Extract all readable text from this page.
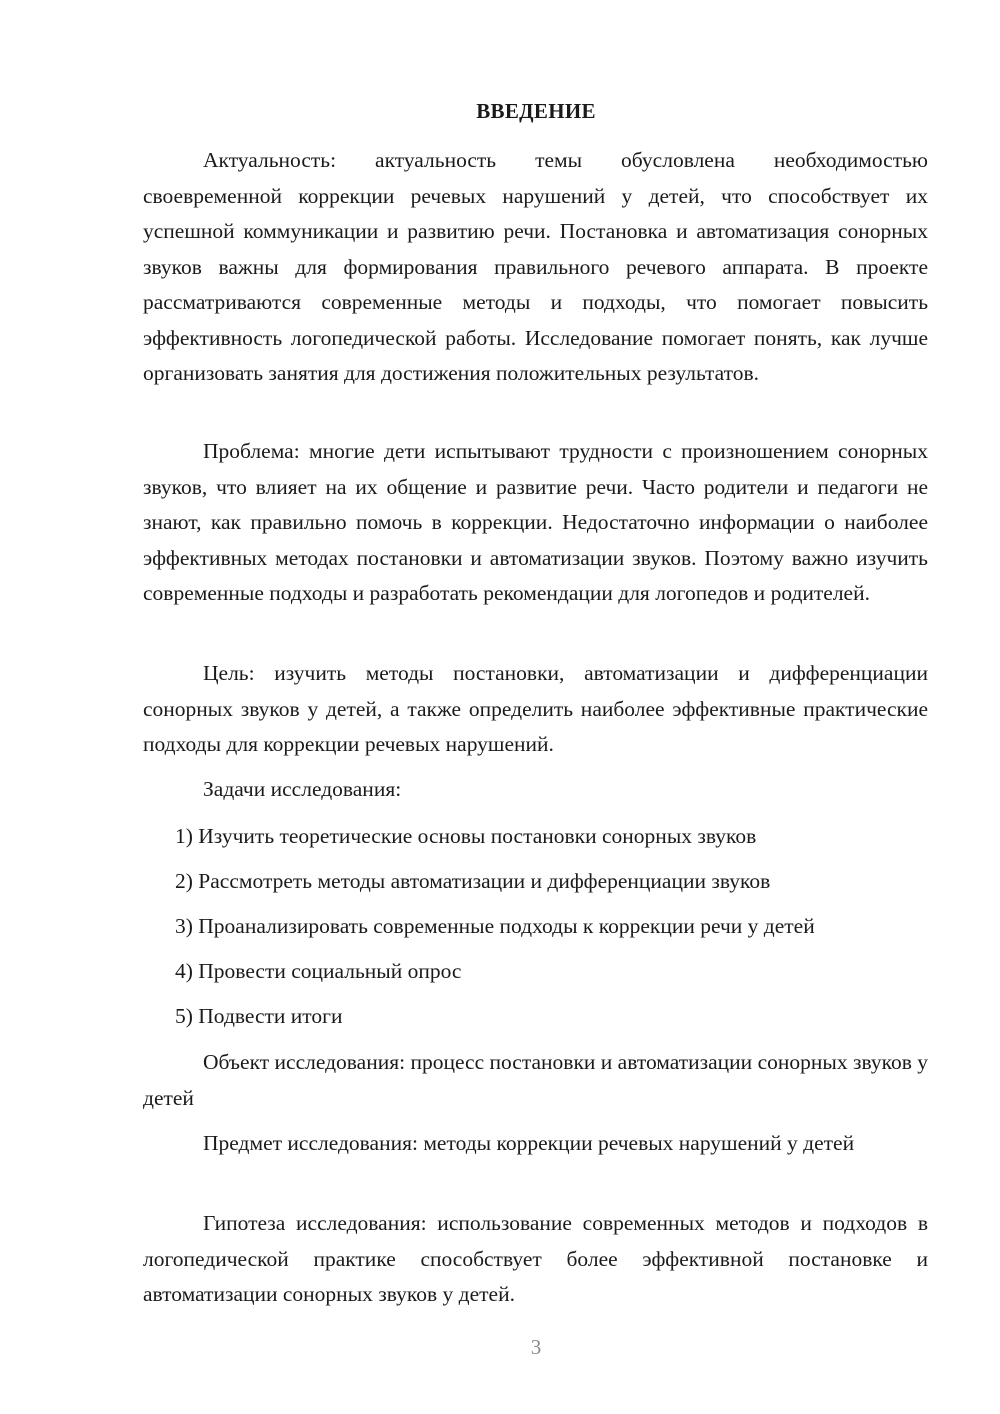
ВВЕДЕНИЕ

Актуальность: актуальность темы обусловлена необходимостью своевременной коррекции речевых нарушений у детей, что способствует их успешной коммуникации и развитию речи. Постановка и автоматизация сонорных звуков важны для формирования правильного речевого аппарата. В проекте рассматриваются современные методы и подходы, что помогает повысить эффективность логопедической работы. Исследование помогает понять, как лучше организовать занятия для достижения положительных результатов.

Проблема: многие дети испытывают трудности с произношением сонорных звуков, что влияет на их общение и развитие речи. Часто родители и педагоги не знают, как правильно помочь в коррекции. Недостаточно информации о наиболее эффективных методах постановки и автоматизации звуков. Поэтому важно изучить современные подходы и разработать рекомендации для логопедов и родителей.

Цель: изучить методы постановки, автоматизации и дифференциации сонорных звуков у детей, а также определить наиболее эффективные практические подходы для коррекции речевых нарушений.

Задачи исследования:

1) Изучить теоретические основы постановки сонорных звуков

2) Рассмотреть методы автоматизации и дифференциации звуков

3) Проанализировать современные подходы к коррекции речи у детей

4) Провести социальный опрос

5) Подвести итоги

Объект исследования: процесс постановки и автоматизации сонорных звуков у детей

Предмет исследования: методы коррекции речевых нарушений у детей

Гипотеза исследования: использование современных методов и подходов в логопедической практике способствует более эффективной постановке и автоматизации сонорных звуков у детей.

3
